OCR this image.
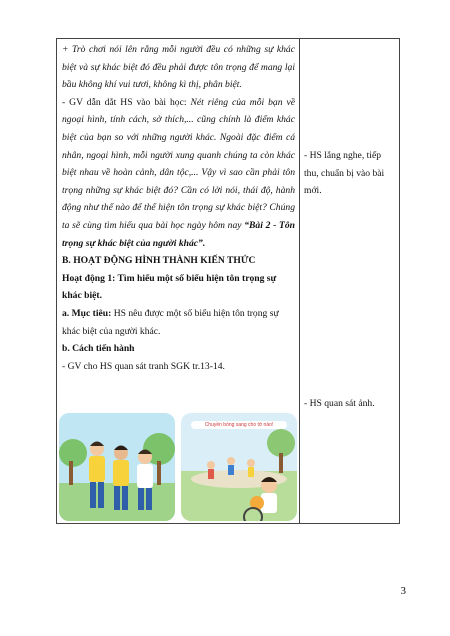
+ Trò chơi nói lên rằng mỗi người đều có những sự khác biệt và sự khác biệt đó đều phải được tôn trọng để mang lại bầu không khí vui tươi, không kì thị, phân biệt.

- GV dẫn dắt HS vào bài học: Nét riêng của mỗi bạn về ngoại hình, tính cách, sở thích,... cũng chính là điểm khác biệt của bạn so với những người khác. Ngoài đặc điểm cá nhân, ngoại hình, mỗi người xung quanh chúng ta còn khác biệt nhau về hoàn cảnh, dân tộc,... Vậy vì sao cần phải tôn trọng những sự khác biệt đó? Cần có lời nói, thái độ, hành động như thế nào để thể hiện tôn trọng sự khác biệt? Chúng ta sẽ cùng tìm hiểu qua bài học ngày hôm nay “Bài 2 - Tôn trọng sự khác biệt của người khác”.

B. HOẠT ĐỘNG HÌNH THÀNH KIẾN THỨC

Hoạt động 1: Tìm hiểu một số biểu hiện tôn trọng sự khác biệt.

a. Mục tiêu: HS nêu được một số biểu hiện tôn trọng sự khác biệt của người khác.

b. Cách tiến hành

- GV cho HS quan sát tranh SGK tr.13-14.

- HS lắng nghe, tiếp thu, chuẩn bị vào bài mới.

- HS quan sát ảnh.

Chuyền bóng sang cho tớ nào!
3
